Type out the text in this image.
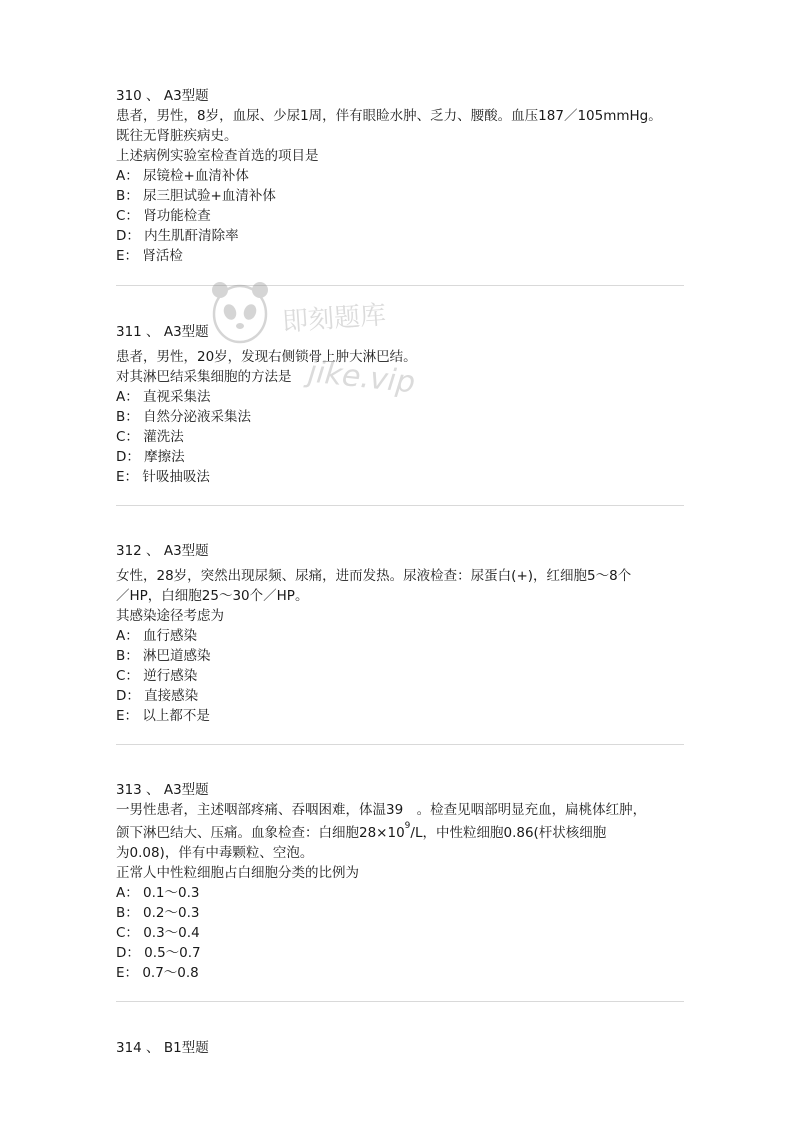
310 、 A3型题
患者，男性，8岁，血尿、少尿1周，伴有眼睑水肿、乏力、腰酸。血压187／105mmHg。
既往无肾脏疾病史。
上述病例实验室检查首选的项目是
A： 尿镜检+血清补体
B： 尿三胆试验+血清补体
C： 肾功能检查
D： 内生肌酐清除率
E： 肾活检
311 、 A3型题
患者，男性，20岁，发现右侧锁骨上肿大淋巴结。
对其淋巴结采集细胞的方法是
A： 直视采集法
B： 自然分泌液采集法
C： 灌洗法
D： 摩擦法
E： 针吸抽吸法
312 、 A3型题
女性，28岁，突然出现尿频、尿痛，进而发热。尿液检查：尿蛋白(+)，红细胞5～8个
／HP，白细胞25～30个／HP。
其感染途径考虑为
A： 血行感染
B： 淋巴道感染
C： 逆行感染
D： 直接感染
E： 以上都不是
313 、 A3型题
一男性患者，主述咽部疼痛、吞咽困难，体温39　。检查见咽部明显充血，扁桃体红肿，
颌下淋巴结大、压痛。血象检查：白细胞$28\times 10^9/L$，中性粒细胞0.86(杆状核细胞
为0.08)，伴有中毒颗粒、空泡。
正常人中性粒细胞占白细胞分类的比例为
A： 0.1～0.3
B： 0.2～0.3
C： 0.3～0.4
D： 0.5～0.7
E： 0.7～0.8
314 、 B1型题
即刻题库
jike.vip
